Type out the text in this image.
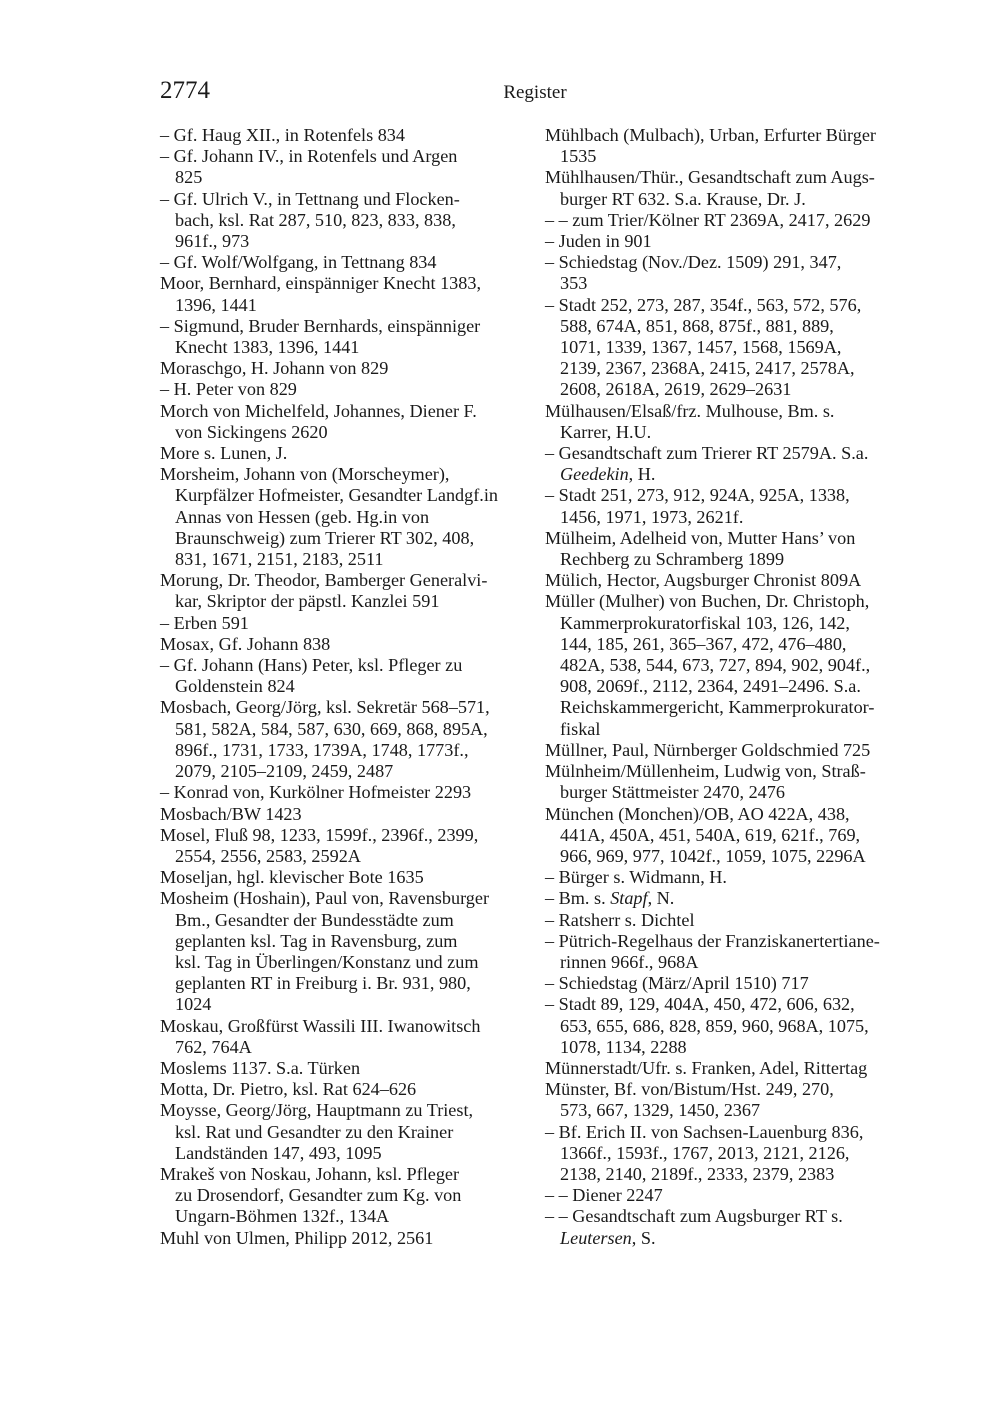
2774	Register
– Gf. Haug XII., in Rotenfels 834
– Gf. Johann IV., in Rotenfels und Argen
825
– Gf. Ulrich V., in Tettnang und Flocken-
bach, ksl. Rat 287, 510, 823, 833, 838,
961f., 973
– Gf. Wolf/Wolfgang, in Tettnang 834
Moor, Bernhard, einspänniger Knecht 1383,
1396, 1441
– Sigmund, Bruder Bernhards, einspänniger
Knecht 1383, 1396, 1441
Moraschgo, H. Johann von 829
– H. Peter von 829
Morch von Michelfeld, Johannes, Diener F.
von Sickingens 2620
More s. Lunen, J.
Morsheim, Johann von (Morscheymer),
Kurpfälzer Hofmeister, Gesandter Landgf.in
Annas von Hessen (geb. Hg.in von
Braunschweig) zum Trierer RT 302, 408,
831, 1671, 2151, 2183, 2511
Morung, Dr. Theodor, Bamberger Generalvi-
kar, Skriptor der päpstl. Kanzlei 591
– Erben 591
Mosax, Gf. Johann 838
– Gf. Johann (Hans) Peter, ksl. Pfleger zu
Goldenstein 824
Mosbach, Georg/Jörg, ksl. Sekretär 568–571,
581, 582A, 584, 587, 630, 669, 868, 895A,
896f., 1731, 1733, 1739A, 1748, 1773f.,
2079, 2105–2109, 2459, 2487
– Konrad von, Kurkölner Hofmeister 2293
Mosbach/BW 1423
Mosel, Fluß 98, 1233, 1599f., 2396f., 2399,
2554, 2556, 2583, 2592A
Moseljan, hgl. klevischer Bote 1635
Mosheim (Hoshain), Paul von, Ravensburger
Bm., Gesandter der Bundesstädte zum
geplanten ksl. Tag in Ravensburg, zum
ksl. Tag in Überlingen/Konstanz und zum
geplanten RT in Freiburg i. Br. 931, 980,
1024
Moskau, Großfürst Wassili III. Iwanowitsch
762, 764A
Moslems 1137. S.a. Türken
Motta, Dr. Pietro, ksl. Rat 624–626
Moysse, Georg/Jörg, Hauptmann zu Triest,
ksl. Rat und Gesandter zu den Krainer
Landständen 147, 493, 1095
Mrakeš von Noskau, Johann, ksl. Pfleger
zu Drosendorf, Gesandter zum Kg. von
Ungarn-Böhmen 132f., 134A
Muhl von Ulmen, Philipp 2012, 2561
Mühlbach (Mulbach), Urban, Erfurter Bürger
1535
Mühlhausen/Thür., Gesandtschaft zum Augs-
burger RT 632. S.a. Krause, Dr. J.
– – zum Trier/Kölner RT 2369A, 2417, 2629
– Juden in 901
– Schiedstag (Nov./Dez. 1509) 291, 347,
353
– Stadt 252, 273, 287, 354f., 563, 572, 576,
588, 674A, 851, 868, 875f., 881, 889,
1071, 1339, 1367, 1457, 1568, 1569A,
2139, 2367, 2368A, 2415, 2417, 2578A,
2608, 2618A, 2619, 2629–2631
Mülhausen/Elsaß/frz. Mulhouse, Bm. s.
Karrer, H.U.
– Gesandtschaft zum Trierer RT 2579A. S.a.
Geedekin, H.
– Stadt 251, 273, 912, 924A, 925A, 1338,
1456, 1971, 1973, 2621f.
Mülheim, Adelheid von, Mutter Hans’ von
Rechberg zu Schramberg 1899
Mülich, Hector, Augsburger Chronist 809A
Müller (Mulher) von Buchen, Dr. Christoph,
Kammerprokuratorfiskal 103, 126, 142,
144, 185, 261, 365–367, 472, 476–480,
482A, 538, 544, 673, 727, 894, 902, 904f.,
908, 2069f., 2112, 2364, 2491–2496. S.a.
Reichskammergericht, Kammerprokurator-
fiskal
Müllner, Paul, Nürnberger Goldschmied 725
Mülnheim/Müllenheim, Ludwig von, Straß-
burger Stättmeister 2470, 2476
München (Monchen)/OB, AO 422A, 438,
441A, 450A, 451, 540A, 619, 621f., 769,
966, 969, 977, 1042f., 1059, 1075, 2296A
– Bürger s. Widmann, H.
– Bm. s. Stapf, N.
– Ratsherr s. Dichtel
– Pütrich-Regelhaus der Franziskanertertiane-
rinnen 966f., 968A
– Schiedstag (März/April 1510) 717
– Stadt 89, 129, 404A, 450, 472, 606, 632,
653, 655, 686, 828, 859, 960, 968A, 1075,
1078, 1134, 2288
Münnerstadt/Ufr. s. Franken, Adel, Rittertag
Münster, Bf. von/Bistum/Hst. 249, 270,
573, 667, 1329, 1450, 2367
– Bf. Erich II. von Sachsen-Lauenburg 836,
1366f., 1593f., 1767, 2013, 2121, 2126,
2138, 2140, 2189f., 2333, 2379, 2383
– – Diener 2247
– – Gesandtschaft zum Augsburger RT s.
Leutersen, S.
